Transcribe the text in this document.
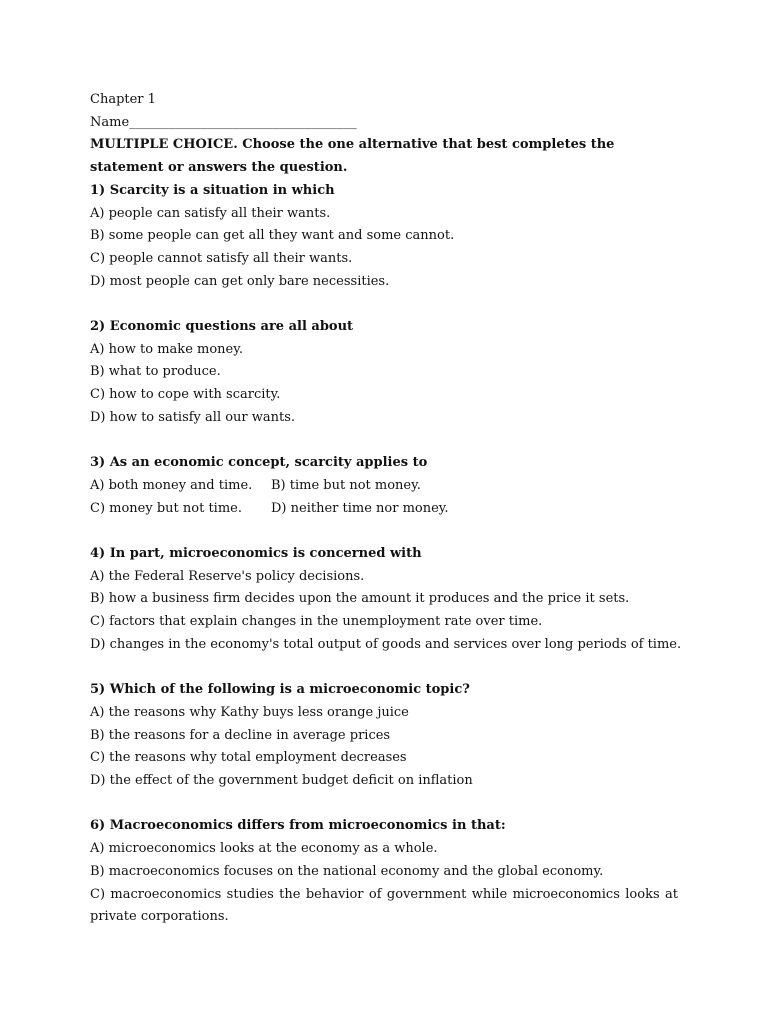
Chapter 1
Name___________________________________
MULTIPLE CHOICE. Choose the one alternative that best completes the statement or answers the question.
1) Scarcity is a situation in which
A) people can satisfy all their wants.
B) some people can get all they want and some cannot.
C) people cannot satisfy all their wants.
D) most people can get only bare necessities.
2) Economic questions are all about
A) how to make money.
B) what to produce.
C) how to cope with scarcity.
D) how to satisfy all our wants.
3) As an economic concept, scarcity applies to
A) both money and time.	B) time but not money.
C) money but not time.	D) neither time nor money.
4) In part, microeconomics is concerned with
A) the Federal Reserve's policy decisions.
B) how a business firm decides upon the amount it produces and the price it sets.
C) factors that explain changes in the unemployment rate over time.
D) changes in the economy's total output of goods and services over long periods of time.
5) Which of the following is a microeconomic topic?
A) the reasons why Kathy buys less orange juice
B) the reasons for a decline in average prices
C) the reasons why total employment decreases
D) the effect of the government budget deficit on inflation
6) Macroeconomics differs from microeconomics in that:
A) microeconomics looks at the economy as a whole.
B) macroeconomics focuses on the national economy and the global economy.
C) macroeconomics studies the behavior of government while microeconomics looks at private corporations.
